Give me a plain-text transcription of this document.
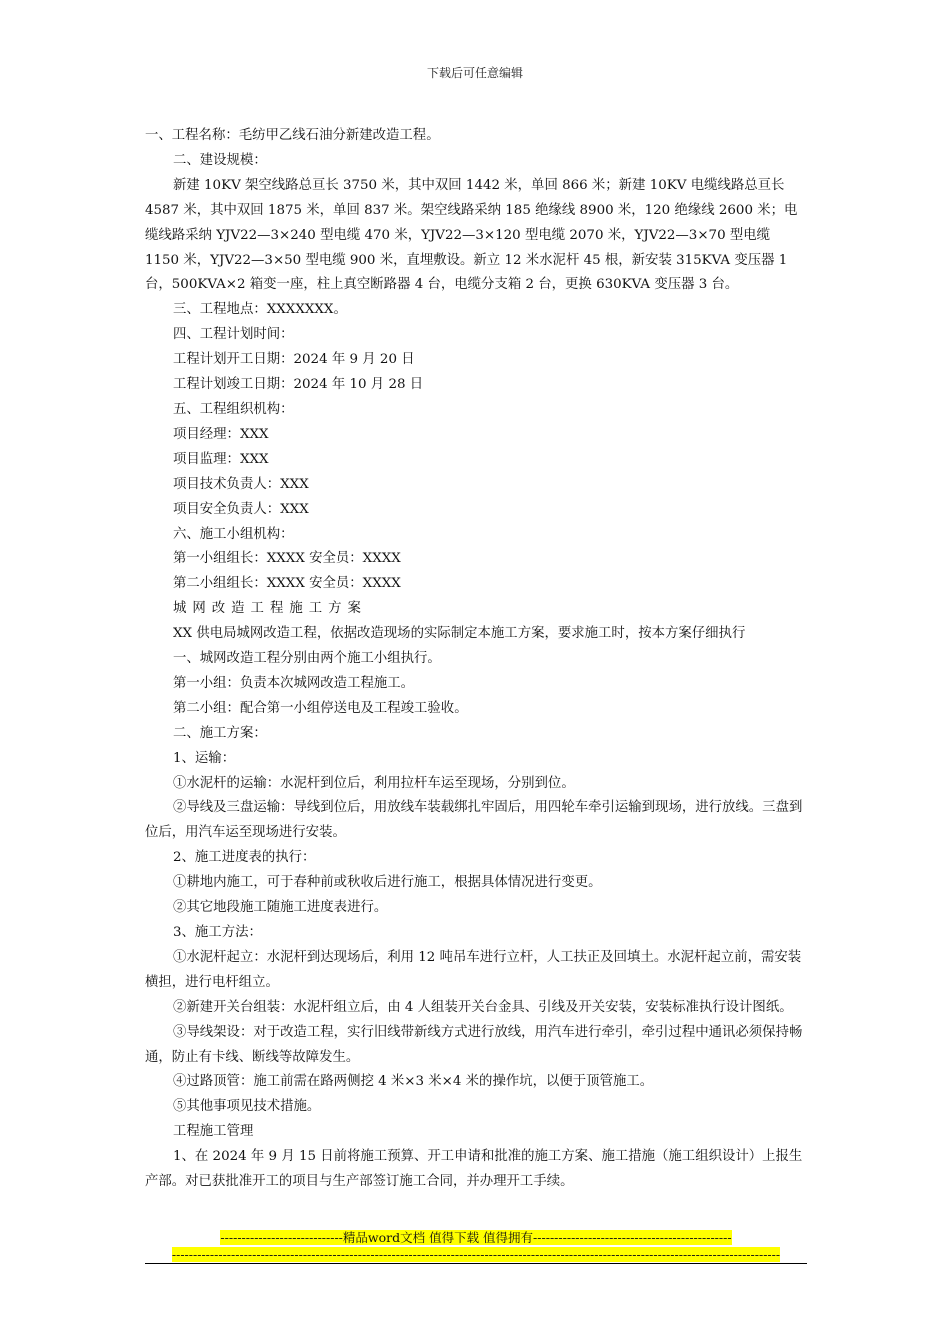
下载后可任意编辑

一、工程名称：毛纺甲乙线石油分新建改造工程。

二、建设规模：

新建 10KV 架空线路总亘长 3750 米，其中双回 1442 米，单回 866 米；新建 10KV 电缆线路总亘长 4587 米，其中双回 1875 米，单回 837 米。架空线路采纳 185 绝缘线 8900 米，120 绝缘线 2600 米；电缆线路采纳 YJV22—3×240 型电缆 470 米，YJV22—3×120 型电缆 2070 米，YJV22—3×70 型电缆 1150 米，YJV22—3×50 型电缆 900 米，直埋敷设。新立 12 米水泥杆 45 根，新安装 315KVA 变压器 1 台，500KVA×2 箱变一座，柱上真空断路器 4 台，电缆分支箱 2 台，更换 630KVA 变压器 3 台。

三、工程地点：XXXXXXX。

四、工程计划时间：

工程计划开工日期：2024 年 9 月 20 日

工程计划竣工日期：2024 年 10 月 28 日

五、工程组织机构：

项目经理：XXX

项目监理：XXX

项目技术负责人：XXX

项目安全负责人：XXX

六、施工小组机构：

第一小组组长：XXXX 安全员：XXXX

第二小组组长：XXXX 安全员：XXXX

城网改造工程施工方案

XX 供电局城网改造工程，依据改造现场的实际制定本施工方案，要求施工时，按本方案仔细执行

一、城网改造工程分别由两个施工小组执行。

第一小组：负责本次城网改造工程施工。

第二小组：配合第一小组停送电及工程竣工验收。

二、施工方案：

1、运输：

①水泥杆的运输：水泥杆到位后，利用拉杆车运至现场，分别到位。

②导线及三盘运输：导线到位后，用放线车装载绑扎牢固后，用四轮车牵引运输到现场，进行放线。三盘到位后，用汽车运至现场进行安装。

2、施工进度表的执行：

①耕地内施工，可于春种前或秋收后进行施工，根据具体情况进行变更。

②其它地段施工随施工进度表进行。

3、施工方法：

①水泥杆起立：水泥杆到达现场后，利用 12 吨吊车进行立杆，人工扶正及回填土。水泥杆起立前，需安装横担，进行电杆组立。

②新建开关台组装：水泥杆组立后，由 4 人组装开关台金具、引线及开关安装，安装标准执行设计图纸。

③导线架设：对于改造工程，实行旧线带新线方式进行放线，用汽车进行牵引，牵引过程中通讯必须保持畅通，防止有卡线、断线等故障发生。

④过路顶管：施工前需在路两侧挖 4 米×3 米×4 米的操作坑，以便于顶管施工。

⑤其他事项见技术措施。

工程施工管理

1、在 2024 年 9 月 15 日前将施工预算、开工申请和批准的施工方案、施工措施（施工组织设计）上报生产部。对已获批准开工的项目与生产部签订施工合同，并办理开工手续。

-----------------------------精品word文档 值得下载 值得拥有-----------------------------------------------
------------------------------------------------------------------------------------------------------------------------------------------------
